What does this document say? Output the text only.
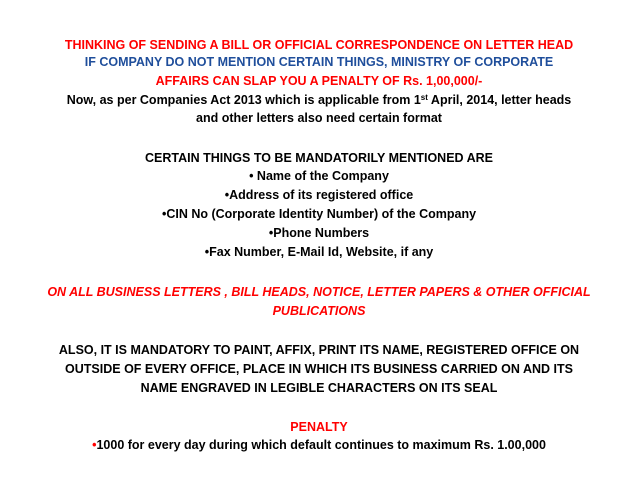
THINKING OF SENDING A BILL OR OFFICIAL CORRESPONDENCE ON LETTER HEAD
IF COMPANY DO NOT MENTION CERTAIN THINGS, MINISTRY OF CORPORATE
AFFAIRS CAN SLAP YOU A PENALTY OF Rs. 1,00,000/-
Now, as per Companies Act 2013 which is applicable from 1st April, 2014, letter heads
and other letters also need certain format
CERTAIN THINGS TO BE MANDATORILY MENTIONED ARE
• Name of the Company
•Address of its registered office
•CIN No (Corporate Identity Number) of the Company
•Phone Numbers
•Fax Number, E-Mail Id, Website, if any
ON ALL BUSINESS LETTERS , BILL HEADS, NOTICE, LETTER PAPERS & OTHER OFFICIAL
PUBLICATIONS
ALSO, IT IS MANDATORY TO PAINT, AFFIX, PRINT ITS NAME, REGISTERED OFFICE ON
OUTSIDE OF EVERY OFFICE, PLACE IN WHICH ITS BUSINESS CARRIED ON AND ITS
NAME ENGRAVED IN LEGIBLE CHARACTERS ON ITS SEAL
PENALTY
•1000 for every day during which default continues to maximum Rs. 1.00,000
